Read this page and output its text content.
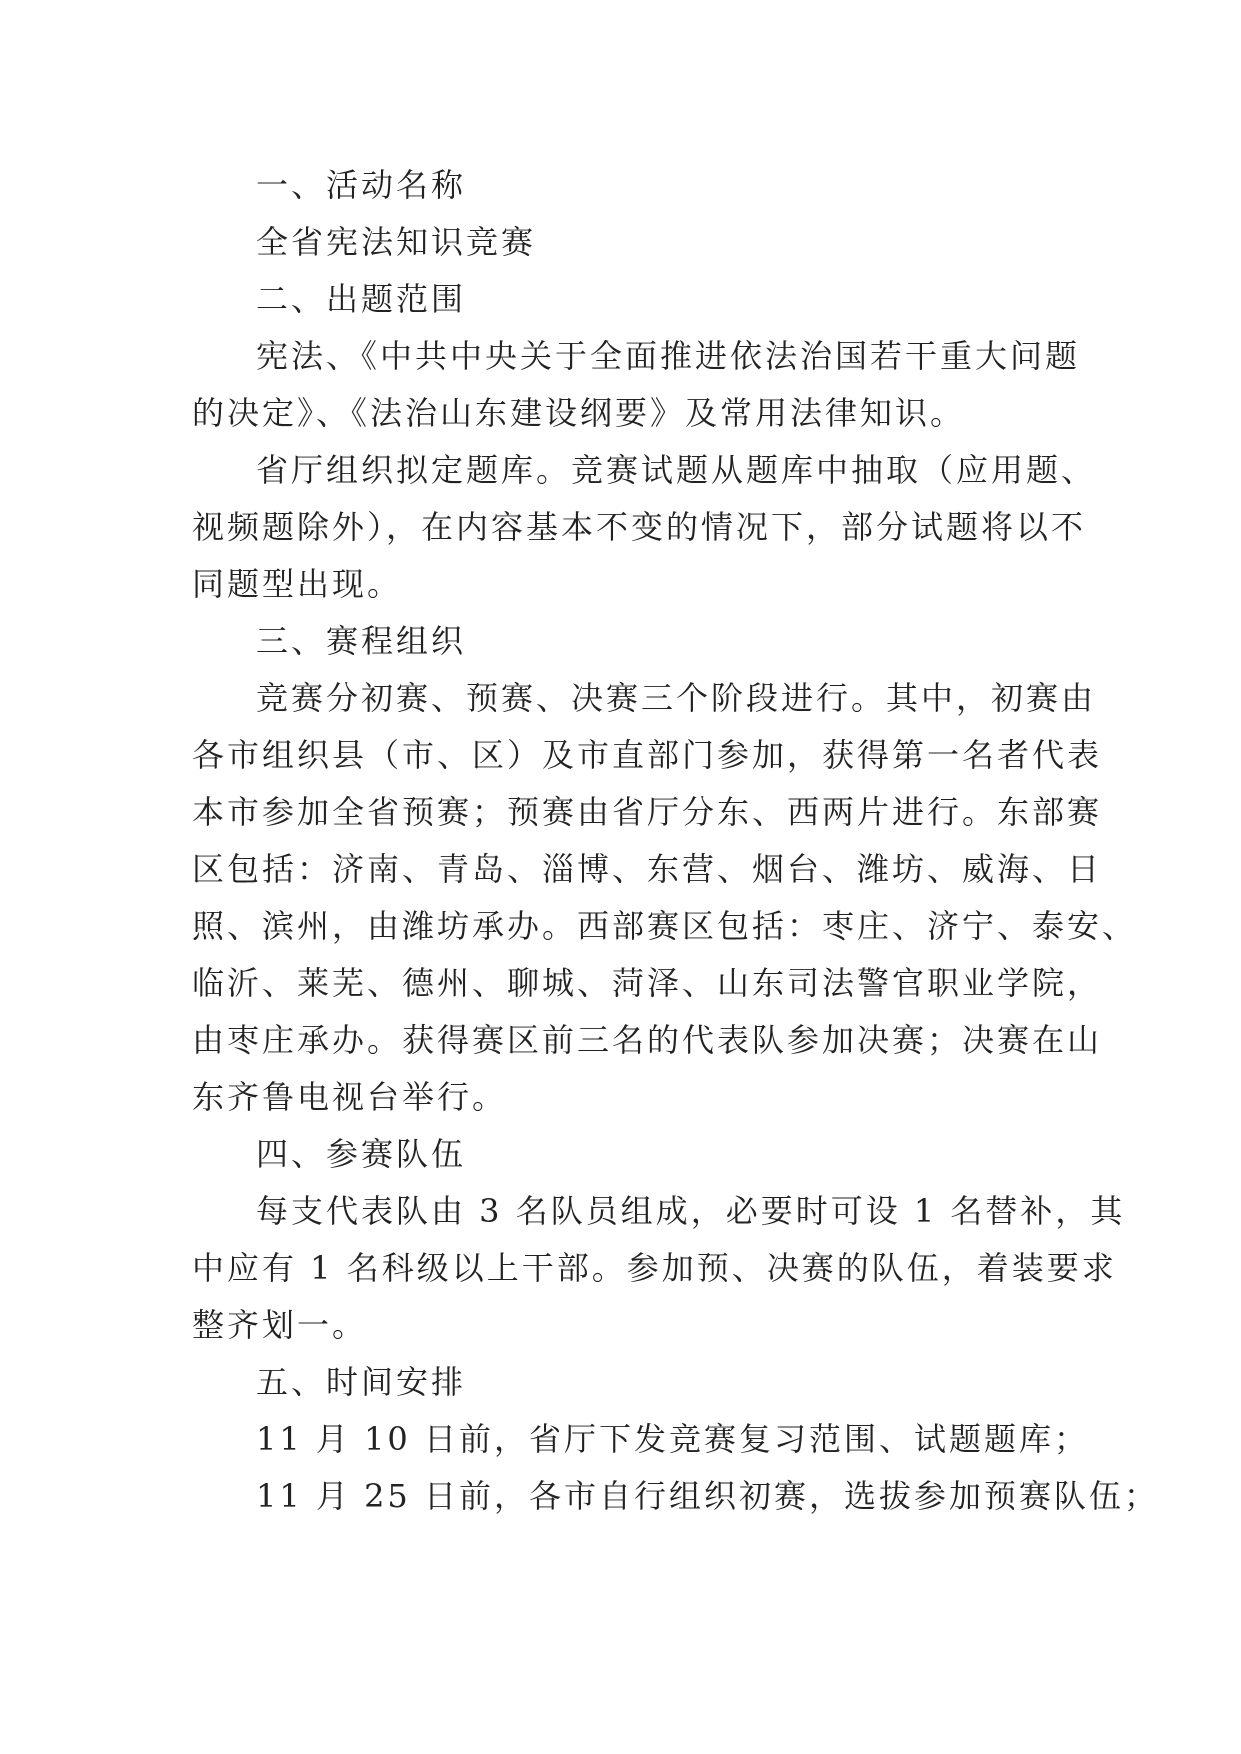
一、活动名称
全省宪法知识竞赛
二、出题范围
宪法、《中共中央关于全面推进依法治国若干重大问题
的决定》、《法治山东建设纲要》及常用法律知识。
省厅组织拟定题库。竞赛试题从题库中抽取（应用题、
视频题除外），在内容基本不变的情况下，部分试题将以不
同题型出现。
三、赛程组织
竞赛分初赛、预赛、决赛三个阶段进行。其中，初赛由
各市组织县（市、区）及市直部门参加，获得第一名者代表
本市参加全省预赛；预赛由省厅分东、西两片进行。东部赛
区包括：济南、青岛、淄博、东营、烟台、潍坊、威海、日
照、滨州，由潍坊承办。西部赛区包括：枣庄、济宁、泰安、
临沂、莱芜、德州、聊城、菏泽、山东司法警官职业学院，
由枣庄承办。获得赛区前三名的代表队参加决赛；决赛在山
东齐鲁电视台举行。
四、参赛队伍
每支代表队由 3 名队员组成，必要时可设 1 名替补，其
中应有 1 名科级以上干部。参加预、决赛的队伍，着装要求
整齐划一。
五、时间安排
11 月 10 日前，省厅下发竞赛复习范围、试题题库；
11 月 25 日前，各市自行组织初赛，选拔参加预赛队伍；
